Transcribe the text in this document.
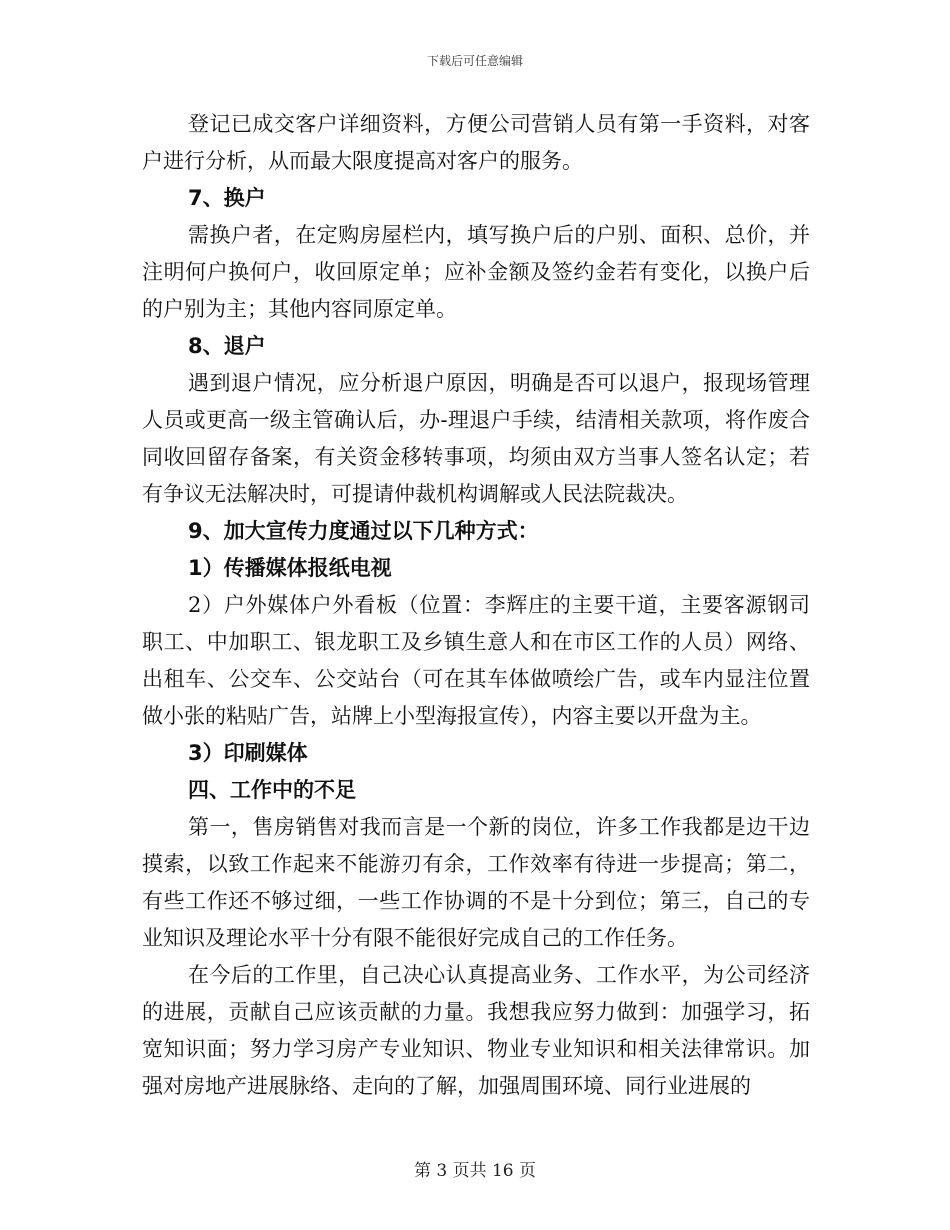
下载后可任意编辑

登记已成交客户详细资料，方便公司营销人员有第一手资料，对客户进行分析，从而最大限度提高对客户的服务。

7、换户

需换户者，在定购房屋栏内，填写换户后的户别、面积、总价，并注明何户换何户，收回原定单；应补金额及签约金若有变化，以换户后的户别为主；其他内容同原定单。

8、退户

遇到退户情况，应分析退户原因，明确是否可以退户，报现场管理人员或更高一级主管确认后，办-理退户手续，结清相关款项，将作废合同收回留存备案，有关资金移转事项，均须由双方当事人签名认定；若有争议无法解决时，可提请仲裁机构调解或人民法院裁决。

9、加大宣传力度通过以下几种方式：

1）传播媒体报纸电视

2）户外媒体户外看板（位置：李辉庄的主要干道，主要客源钢司职工、中加职工、银龙职工及乡镇生意人和在市区工作的人员）网络、出租车、公交车、公交站台（可在其车体做喷绘广告，或车内显注位置做小张的粘贴广告，站牌上小型海报宣传），内容主要以开盘为主。

3）印刷媒体

四、工作中的不足

第一，售房销售对我而言是一个新的岗位，许多工作我都是边干边摸索，以致工作起来不能游刃有余，工作效率有待进一步提高；第二，有些工作还不够过细，一些工作协调的不是十分到位；第三，自己的专业知识及理论水平十分有限不能很好完成自己的工作任务。

在今后的工作里，自己决心认真提高业务、工作水平，为公司经济的进展，贡献自己应该贡献的力量。我想我应努力做到：加强学习，拓宽知识面；努力学习房产专业知识、物业专业知识和相关法律常识。加强对房地产进展脉络、走向的了解，加强周围环境、同行业进展的

第 3 页共 16 页
